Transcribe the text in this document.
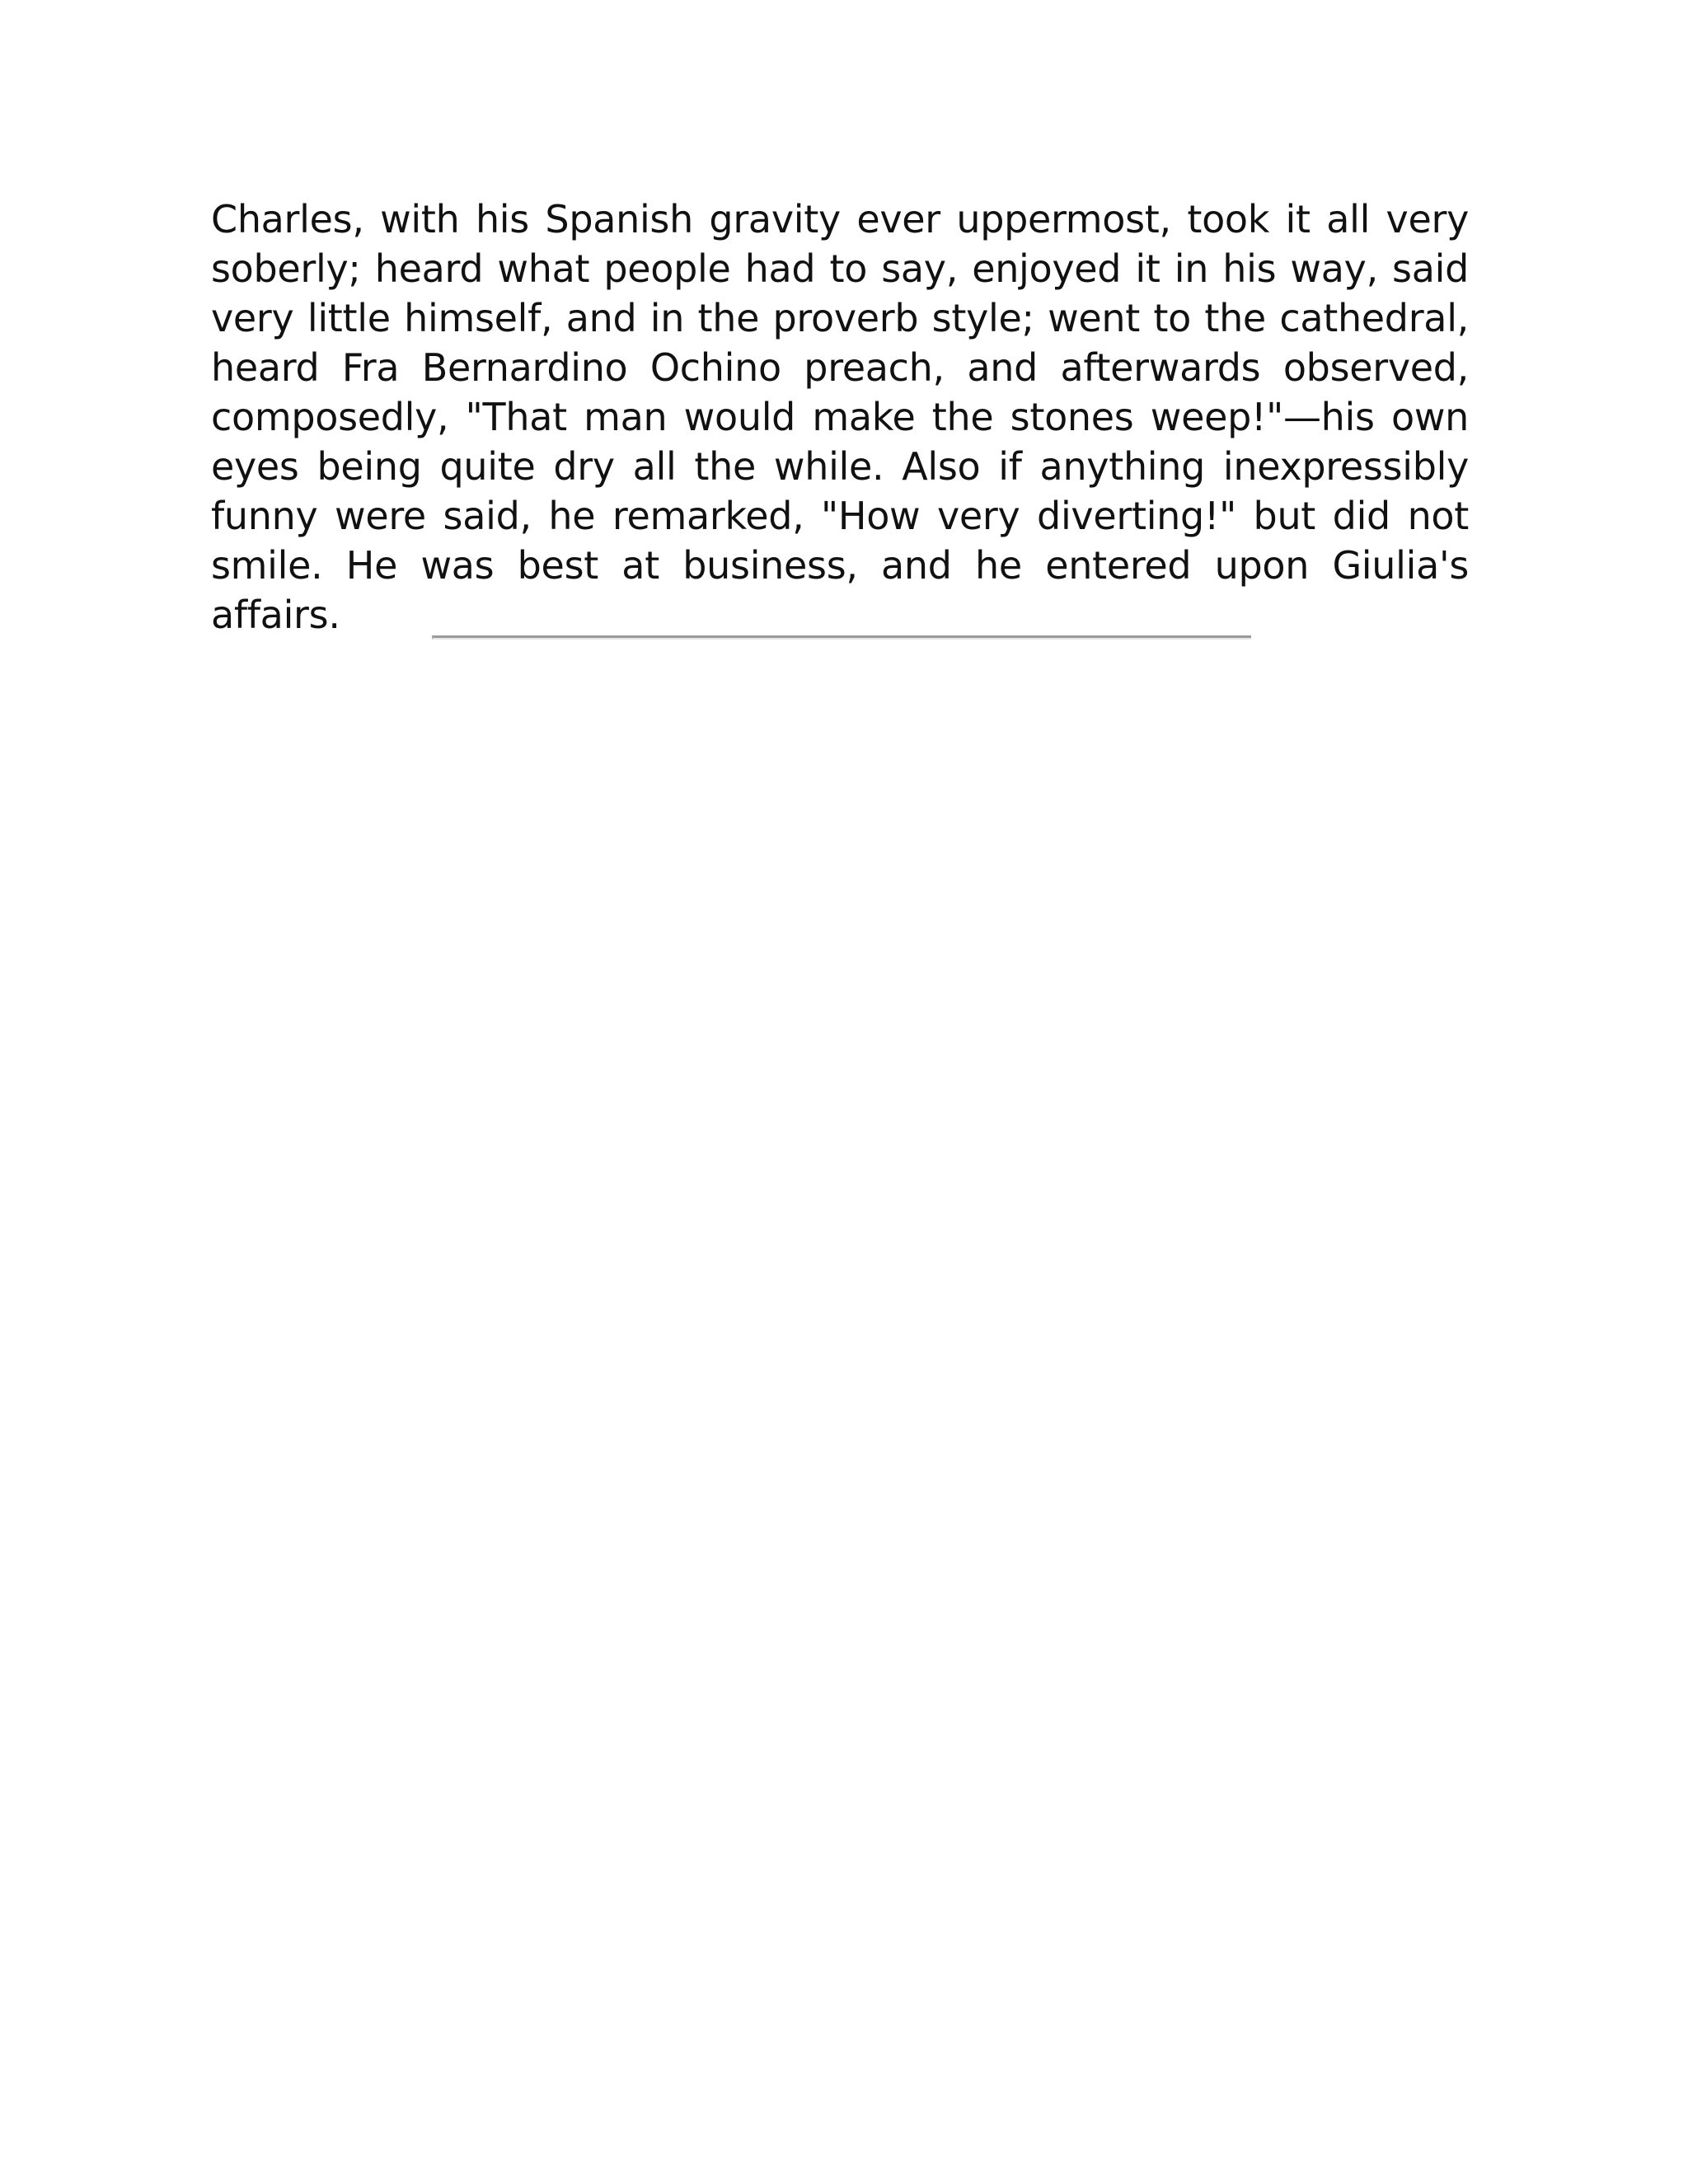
Charles, with his Spanish gravity ever uppermost, took it all very soberly; heard what people had to say, enjoyed it in his way, said very little himself, and in the proverb style; went to the cathedral, heard Fra Bernardino Ochino preach, and afterwards observed, composedly, "That man would make the stones weep!"—his own eyes being quite dry all the while. Also if anything inexpressibly funny were said, he remarked, "How very diverting!" but did not smile. He was best at business, and he entered upon Giulia's affairs.
